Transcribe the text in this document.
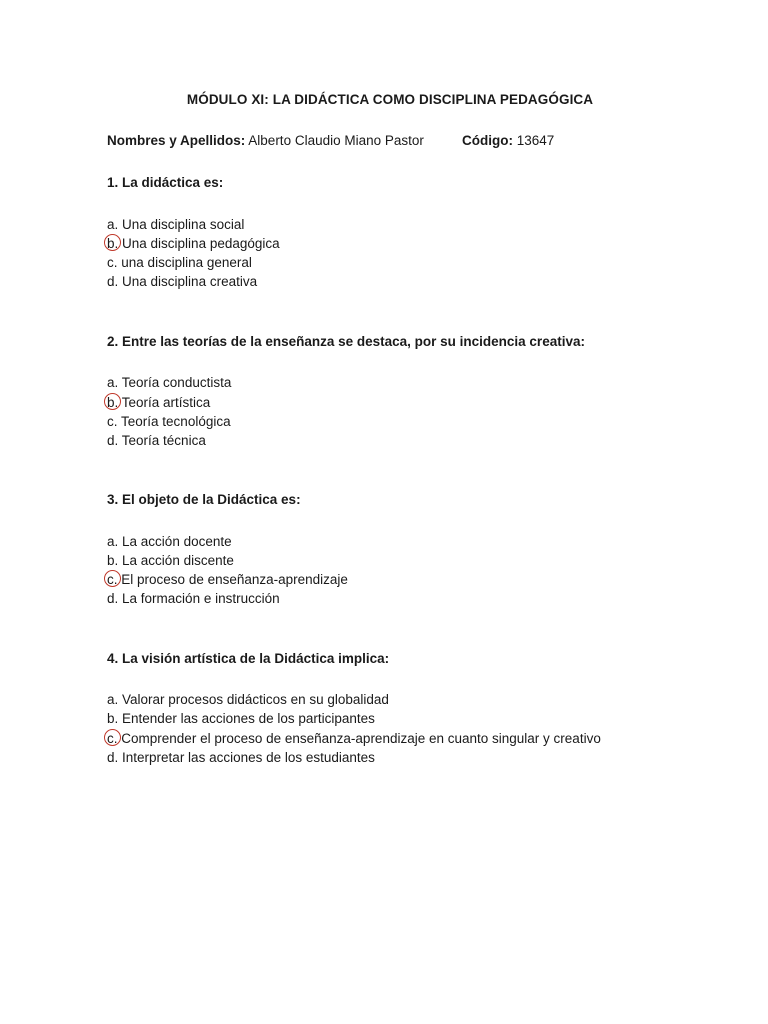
MÓDULO XI: LA DIDÁCTICA COMO DISCIPLINA PEDAGÓGICA
Nombres y Apellidos: Alberto Claudio Miano Pastor	Código: 13647
1. La didáctica es:
a. Una disciplina social
b. Una disciplina pedagógica
c. una disciplina general
d. Una disciplina creativa
2. Entre las teorías de la enseñanza se destaca, por su incidencia creativa:
a. Teoría conductista
b. Teoría artística
c. Teoría tecnológica
d. Teoría técnica
3. El objeto de la Didáctica es:
a. La acción docente
b. La acción discente
c. El proceso de enseñanza-aprendizaje
d. La formación e instrucción
4. La visión artística de la Didáctica implica:
a. Valorar procesos didácticos en su globalidad
b. Entender las acciones de los participantes
c. Comprender el proceso de enseñanza-aprendizaje en cuanto singular y creativo
d. Interpretar las acciones de los estudiantes
